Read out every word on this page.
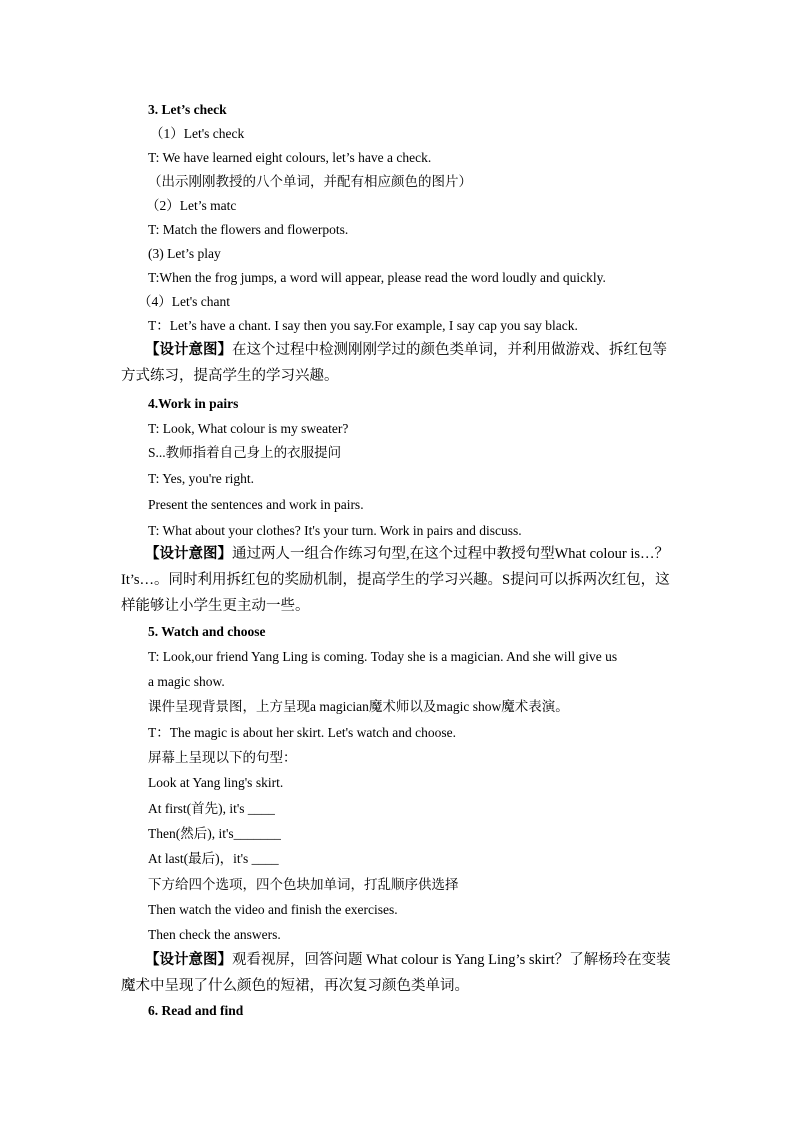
3. Let’s check
（1）Let's check
T: We have learned eight colours, let’s have a check.
（出示刚刚教授的八个单词，并配有相应颜色的图片）
（2）Let’s matc
T: Match the flowers and flowerpots.
(3) Let’s play
T:When the frog jumps, a word will appear, please read the word loudly and quickly.
（4）Let's chant
T：Let’s have a chant. I say then you say.For example, I say cap you say black.
【设计意图】在这个过程中检测刚刚学过的颜色类单词，并利用做游戏、拆红包等方式练习，提高学生的学习兴趣。
4.Work in pairs
T: Look, What colour is my sweater?
S...教师指着自己身上的衣服提问
T: Yes, you're right.
Present the sentences and work in pairs.
T: What about your clothes? It's your turn. Work in pairs and discuss.
【设计意图】通过两人一组合作练习句型,在这个过程中教授句型What colour is…？ It’s…。同时利用拆红包的奖励机制，提高学生的学习兴趣。S提问可以拆两次红包，这样能够让小学生更主动一些。
5. Watch and choose
T: Look,our friend Yang Ling is coming. Today she is a magician. And she will give us
a magic show.
课件呈现背景图，上方呈现a magician魔术师以及magic show魔术表演。
T：The magic is about her skirt. Let's watch and choose.
屏幕上呈现以下的句型：
Look at Yang ling's skirt.
At first(首先), it's ____
Then(然后), it's_______
At last(最后)，it's ____
下方给四个选项，四个色块加单词，打乱顺序供选择
Then watch the video and finish the exercises.
Then check the answers.
【设计意图】观看视屏，回答问题 What colour is Yang Ling’s skirt？了解杨玲在变装魔术中呈现了什么颜色的短裙，再次复习颜色类单词。
6. Read and find
